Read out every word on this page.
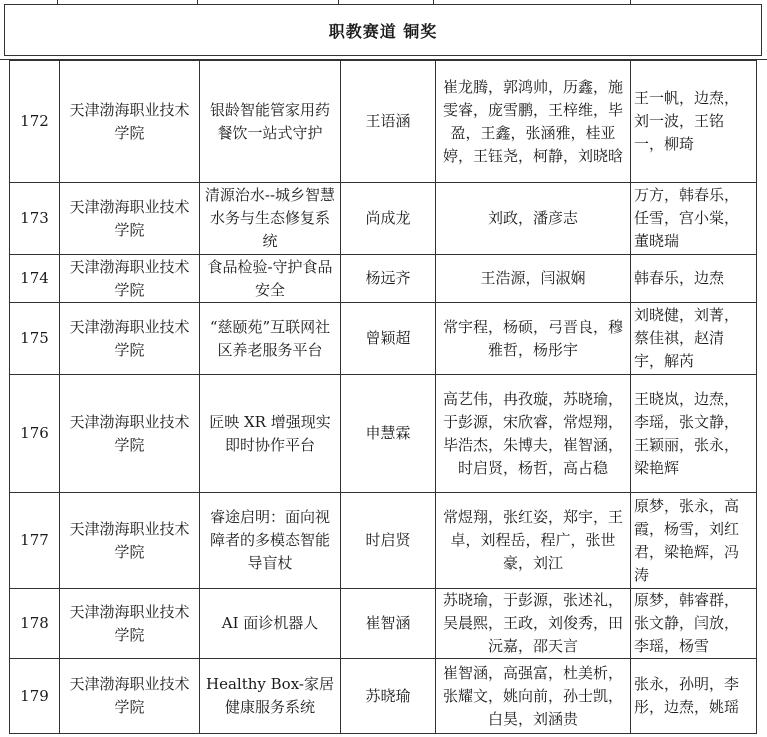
职教赛道 铜奖
172	天津渤海职业技术学院	银龄智能管家用药餐饮一站式守护	王语涵	崔龙腾，郭鸿帅，历鑫，施雯睿，庞雪鹏，王梓维，毕盈，王鑫，张涵雅，桂亚婷，王钰尧，柯静，刘晓晗	王一帆，边焘，刘一波，王铭一，柳琦
173	天津渤海职业技术学院	清源治水--城乡智慧水务与生态修复系统	尚成龙	刘政，潘彦志	万方，韩春乐，任雪，宫小棠，董晓瑞
174	天津渤海职业技术学院	食品检验-守护食品安全	杨远齐	王浩源，闫淑娴	韩春乐，边焘
175	天津渤海职业技术学院	“慈颐苑”互联网社区养老服务平台	曾颖超	常宇程，杨硕，弓晋良，穆雅哲，杨彤宇	刘晓健，刘菁，蔡佳祺，赵清宇，解芮
176	天津渤海职业技术学院	匠映 XR 增强现实即时协作平台	申慧霖	高艺伟，冉孜璇，苏晓瑜，于彭源，宋欣睿，常煜翔，毕浩杰，朱博夫，崔智涵，时启贤，杨哲，高占稳	王晓岚，边焘，李瑶，张文静，王颖丽，张永，梁艳辉
177	天津渤海职业技术学院	睿途启明：面向视障者的多模态智能导盲杖	时启贤	常煜翔，张红姿，郑宇，王卓，刘程岳，程广，张世豪，刘江	原梦，张永，高霞，杨雪，刘红君，梁艳辉，冯涛
178	天津渤海职业技术学院	AI 面诊机器人	崔智涵	苏晓瑜，于彭源，张述礼，吴晨熙，王政，刘俊秀，田沅嘉，邵天言	原梦，韩睿群，张文静，闫放，李瑶，杨雪
179	天津渤海职业技术学院	Healthy Box-家居健康服务系统	苏晓瑜	崔智涵，高强富，杜美析，张耀文，姚向前，孙士凯，白昊，刘涵贵	张永，孙明，李彤，边焘，姚瑶
